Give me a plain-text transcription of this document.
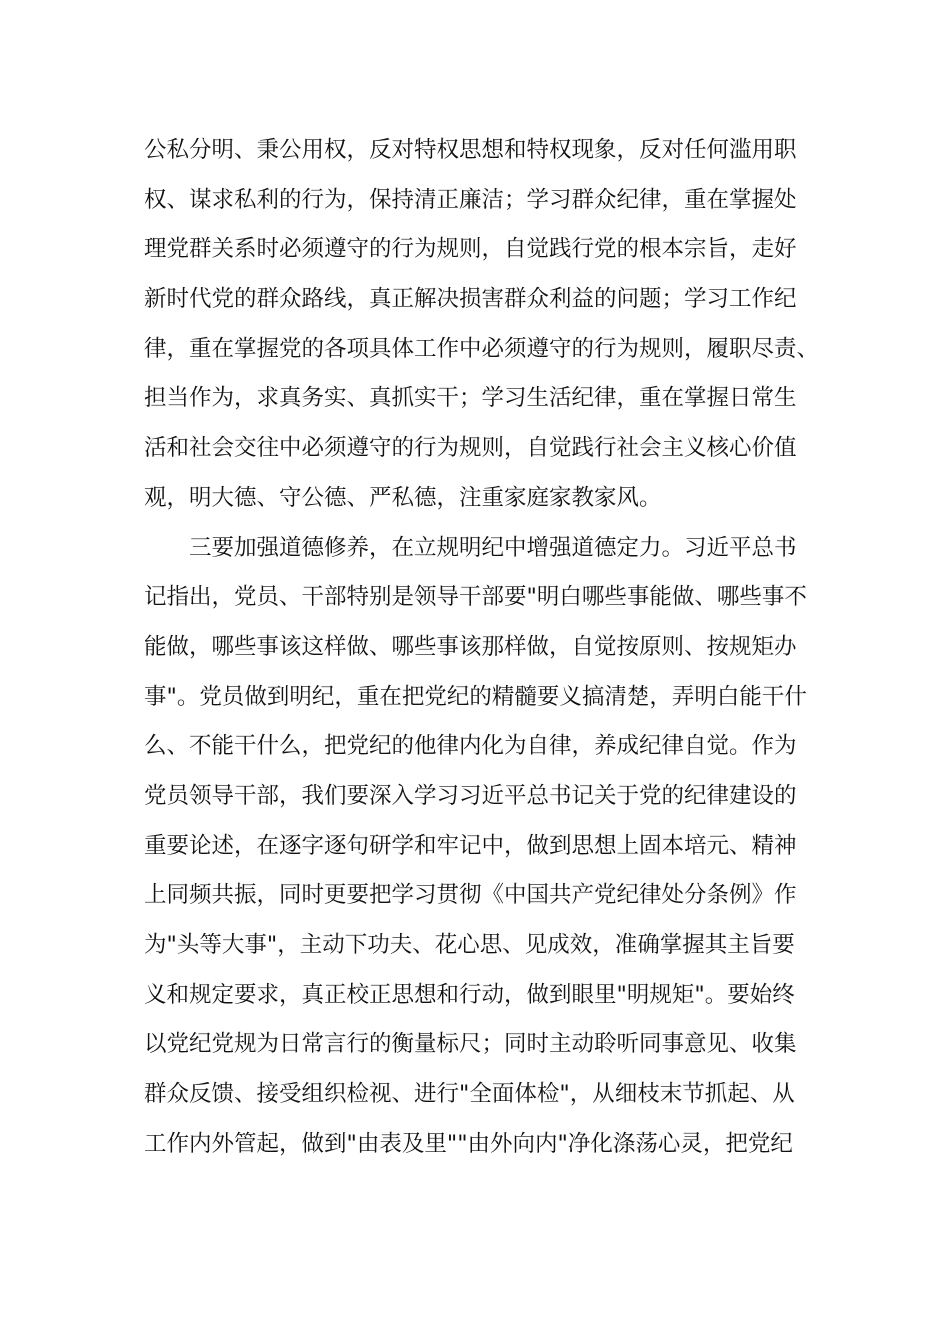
公私分明、秉公用权，反对特权思想和特权现象，反对任何滥用职
权、谋求私利的行为，保持清正廉洁；学习群众纪律，重在掌握处
理党群关系时必须遵守的行为规则，自觉践行党的根本宗旨，走好
新时代党的群众路线，真正解决损害群众利益的问题；学习工作纪
律，重在掌握党的各项具体工作中必须遵守的行为规则，履职尽责、
担当作为，求真务实、真抓实干；学习生活纪律，重在掌握日常生
活和社会交往中必须遵守的行为规则，自觉践行社会主义核心价值
观，明大德、守公德、严私德，注重家庭家教家风。
　　三要加强道德修养，在立规明纪中增强道德定力。习近平总书
记指出，党员、干部特别是领导干部要"明白哪些事能做、哪些事不
能做，哪些事该这样做、哪些事该那样做，自觉按原则、按规矩办
事"。党员做到明纪，重在把党纪的精髓要义搞清楚，弄明白能干什
么、不能干什么，把党纪的他律内化为自律，养成纪律自觉。作为
党员领导干部，我们要深入学习习近平总书记关于党的纪律建设的
重要论述，在逐字逐句研学和牢记中，做到思想上固本培元、精神
上同频共振，同时更要把学习贯彻《中国共产党纪律处分条例》作
为"头等大事"，主动下功夫、花心思、见成效，准确掌握其主旨要
义和规定要求，真正校正思想和行动，做到眼里"明规矩"。要始终
以党纪党规为日常言行的衡量标尺；同时主动聆听同事意见、收集
群众反馈、接受组织检视、进行"全面体检"，从细枝末节抓起、从
工作内外管起，做到"由表及里""由外向内"净化涤荡心灵，把党纪
